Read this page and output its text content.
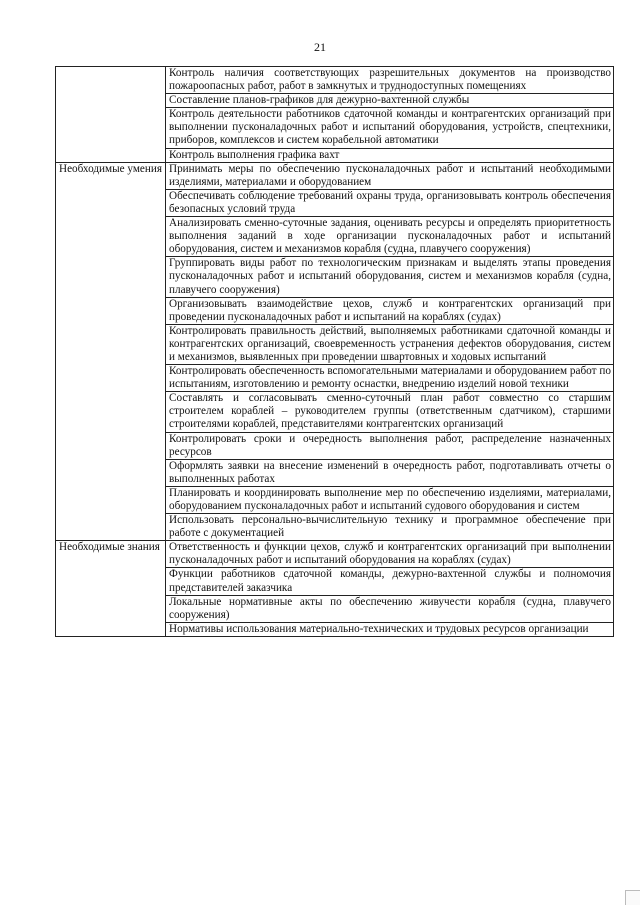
21

	Контроль наличия соответствующих разрешительных документов на производство пожароопасных работ, работ в замкнутых и труднодоступных помещениях

	Составление планов-графиков для дежурно-вахтенной службы

	Контроль деятельности работников сдаточной команды и контрагентских организаций при выполнении пусконаладочных работ и испытаний оборудования, устройств, спецтехники, приборов, комплексов и систем корабельной автоматики

	Контроль выполнения графика вахт

Необходимые умения	Принимать меры по обеспечению пусконаладочных работ и испытаний необходимыми изделиями, материалами и оборудованием

	Обеспечивать соблюдение требований охраны труда, организовывать контроль обеспечения безопасных условий труда

	Анализировать сменно-суточные задания, оценивать ресурсы и определять приоритетность выполнения заданий в ходе организации пусконаладочных работ и испытаний оборудования, систем и механизмов корабля (судна, плавучего сооружения)

	Группировать виды работ по технологическим признакам и выделять этапы проведения пусконаладочных работ и испытаний оборудования, систем и механизмов корабля (судна, плавучего сооружения)

	Организовывать взаимодействие цехов, служб и контрагентских организаций при проведении пусконаладочных работ и испытаний на кораблях (судах)

	Контролировать правильность действий, выполняемых работниками сдаточной команды и контрагентских организаций, своевременность устранения дефектов оборудования, систем и механизмов, выявленных при проведении швартовных и ходовых испытаний

	Контролировать обеспеченность вспомогательными материалами и оборудованием работ по испытаниям, изготовлению и ремонту оснастки, внедрению изделий новой техники

	Составлять и согласовывать сменно-суточный план работ совместно со старшим строителем кораблей – руководителем группы (ответственным сдатчиком), старшими строителями кораблей, представителями контрагентских организаций

	Контролировать сроки и очередность выполнения работ, распределение назначенных ресурсов

	Оформлять заявки на внесение изменений в очередность работ, подготавливать отчеты о выполненных работах

	Планировать и координировать выполнение мер по обеспечению изделиями, материалами, оборудованием пусконаладочных работ и испытаний судового оборудования и систем

	Использовать персонально-вычислительную технику и программное обеспечение при работе с документацией

Необходимые знания	Ответственность и функции цехов, служб и контрагентских организаций при выполнении пусконаладочных работ и испытаний оборудования на кораблях (судах)

	Функции работников сдаточной команды, дежурно-вахтенной службы и полномочия представителей заказчика

	Локальные нормативные акты по обеспечению живучести корабля (судна, плавучего сооружения)

	Нормативы использования материально-технических и трудовых ресурсов организации
